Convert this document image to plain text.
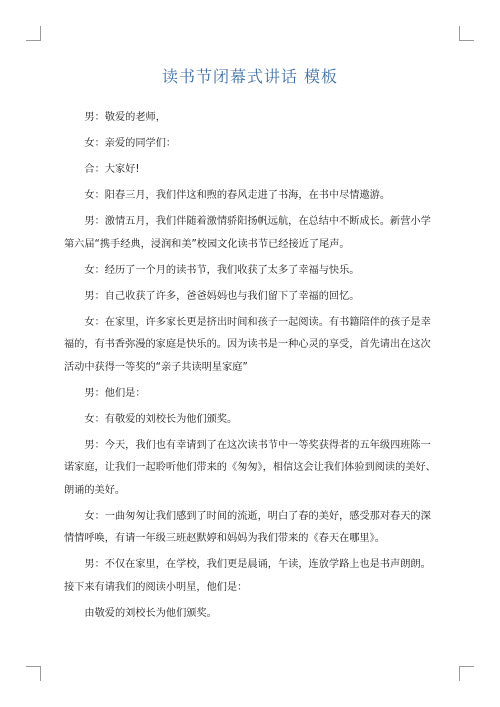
读书节闭幕式讲话 模板

男：敬爱的老师，

女：亲爱的同学们：

合：大家好!

女：阳春三月，我们伴这和煦的春风走进了书海，在书中尽情遨游。

男：激情五月，我们伴随着激情骄阳扬帆远航，在总结中不断成长。新营小学第六届“携手经典，浸润和美”校园文化读书节已经接近了尾声。

女：经历了一个月的读书节，我们收获了太多了幸福与快乐。

男：自己收获了许多，爸爸妈妈也与我们留下了幸福的回忆。

女：在家里，许多家长更是挤出时间和孩子一起阅读。有书籍陪伴的孩子是幸福的，有书香弥漫的家庭是快乐的。因为读书是一种心灵的享受，首先请出在这次活动中获得一等奖的“亲子共读明星家庭”

男：他们是：

女：有敬爱的刘校长为他们颁奖。

男：今天，我们也有幸请到了在这次读书节中一等奖获得者的五年级四班陈一诺家庭，让我们一起聆听他们带来的《匆匆》，相信这会让我们体验到阅读的美好、朗诵的美好。

女：一曲匆匆让我们感到了时间的流逝，明白了春的美好，感受那对春天的深情情呼唤，有请一年级三班赵默婷和妈妈为我们带来的《春天在哪里》。

男：不仅在家里，在学校，我们更是晨诵，午读，连放学路上也是书声朗朗。接下来有请我们的阅读小明星，他们是：

由敬爱的刘校长为他们颁奖。
